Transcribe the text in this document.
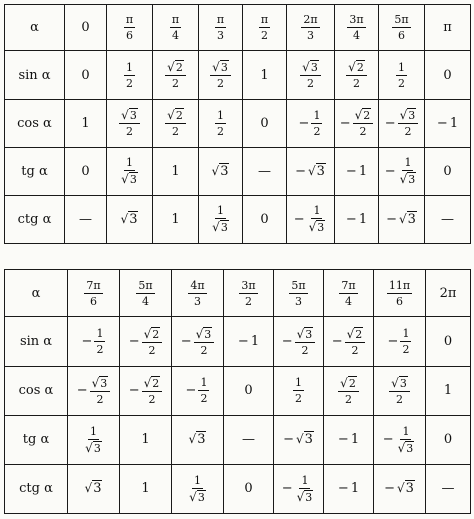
α	0	$\frac{\pi}{6}$	$\frac{\pi}{4}$	$\frac{\pi}{3}$	$\frac{\pi}{2}$	$\frac{2\pi}{3}$	$\frac{3\pi}{4}$	$\frac{5\pi}{6}$	π
sin α	0	$\frac{1}{2}$	$\frac{√2}{2}$	$\frac{√3}{2}$	1	$\frac{√3}{2}$	$\frac{√2}{2}$	$\frac{1}{2}$	0
cos α	1	$\frac{√3}{2}$	$\frac{√2}{2}$	$\frac{1}{2}$	0	− $\frac{1}{2}$	− $\frac{√2}{2}$	− $\frac{√3}{2}$	− 1
tg α	0	$\frac{1}{√3}$	1	√3	—	− √3	− 1	− $\frac{1}{√3}$	0
ctg α	—	√3	1	$\frac{1}{√3}$	0	− $\frac{1}{√3}$	− 1	− √3	—
α	$\frac{7\pi}{6}$	$\frac{5\pi}{4}$	$\frac{4\pi}{3}$	$\frac{3\pi}{2}$	$\frac{5\pi}{3}$	$\frac{7\pi}{4}$	$\frac{11\pi}{6}$	2π
sin α	− $\frac{1}{2}$	− $\frac{√2}{2}$	− $\frac{√3}{2}$	− 1	− $\frac{√3}{2}$	− $\frac{√2}{2}$	− $\frac{1}{2}$	0
cos α	− $\frac{√3}{2}$	− $\frac{√2}{2}$	− $\frac{1}{2}$	0	$\frac{1}{2}$	$\frac{√2}{2}$	$\frac{√3}{2}$	1
tg α	$\frac{1}{√3}$	1	√3	—	− √3	− 1	− $\frac{1}{√3}$	0
ctg α	√3	1	$\frac{1}{√3}$	0	− $\frac{1}{√3}$	− 1	− √3	—
